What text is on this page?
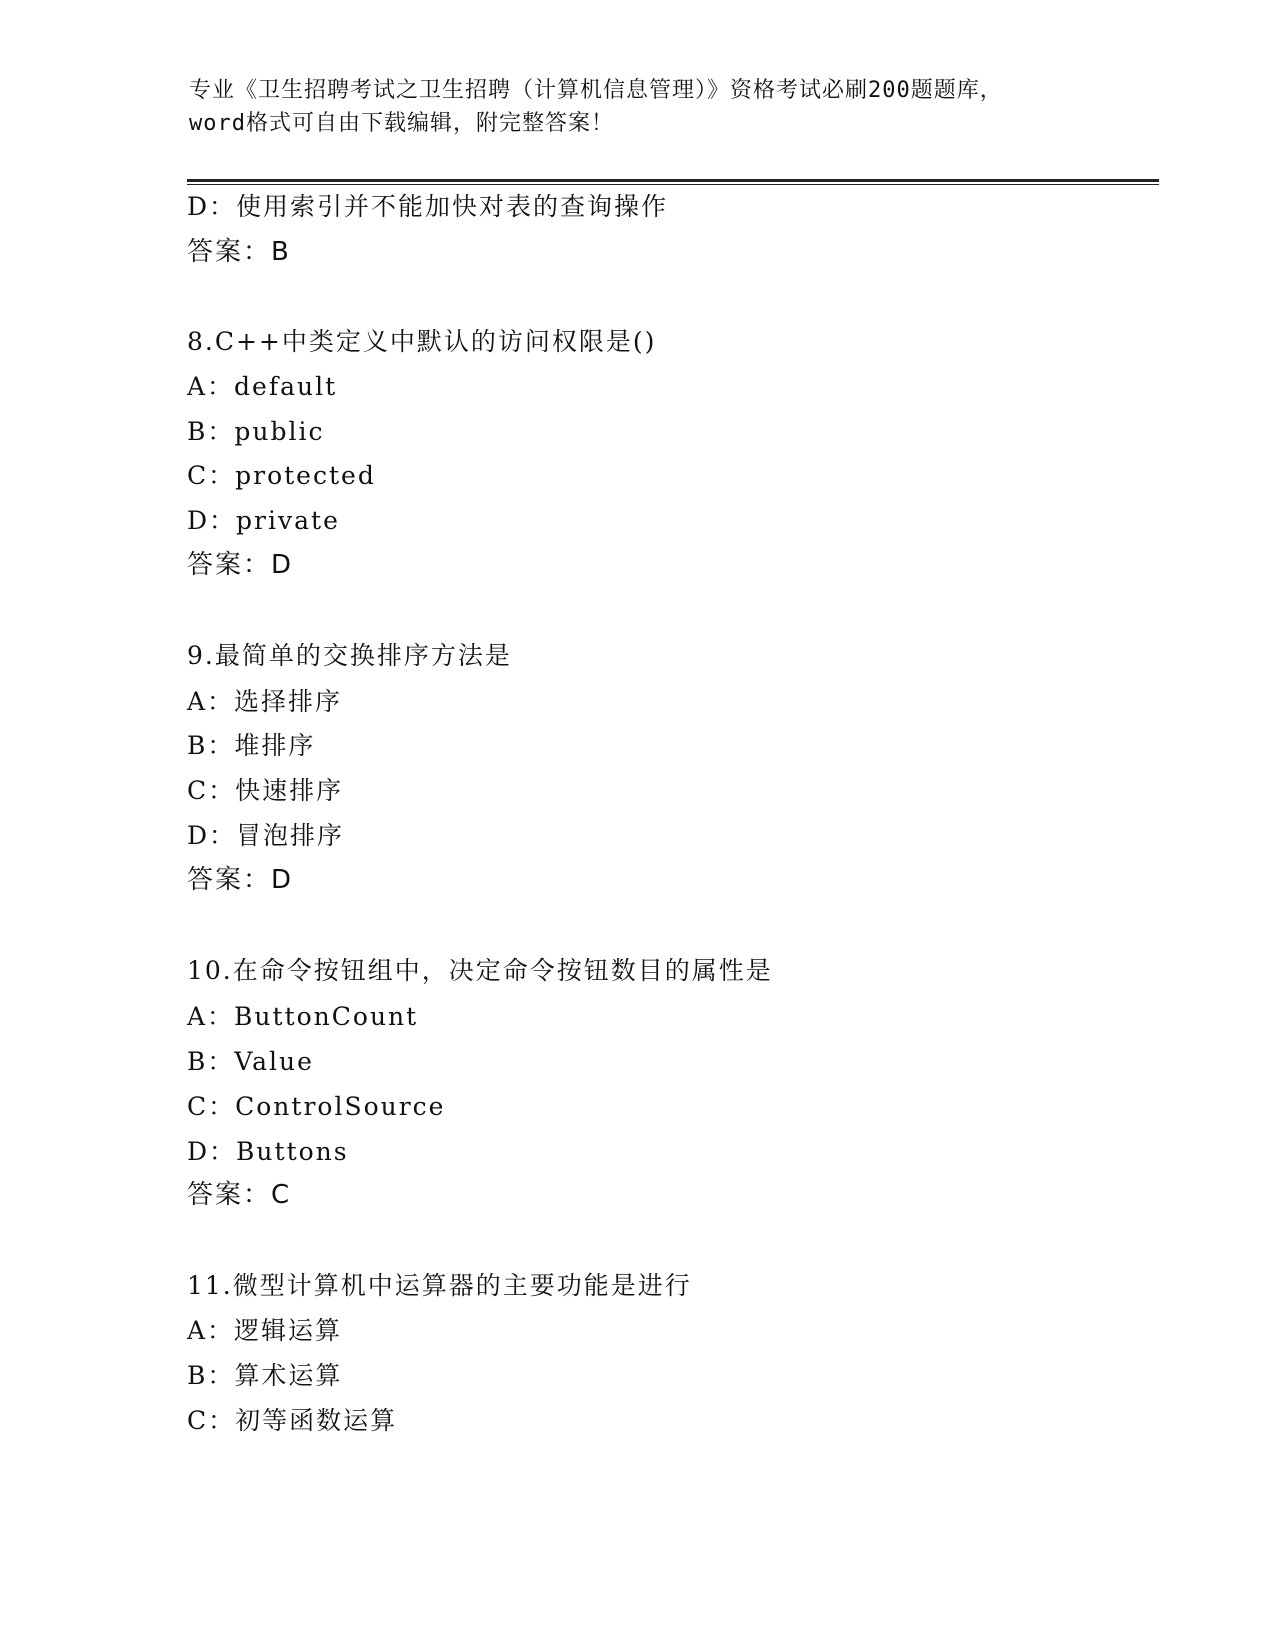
专业《卫生招聘考试之卫生招聘（计算机信息管理）》资格考试必刷200题题库，
word格式可自由下载编辑，附完整答案！
D：使用索引并不能加快对表的查询操作
答案：B
8.C++中类定义中默认的访问权限是()
A：default
B：public
C：protected
D：private
答案：D
9.最简单的交换排序方法是
A：选择排序
B：堆排序
C：快速排序
D：冒泡排序
答案：D
10.在命令按钮组中，决定命令按钮数目的属性是
A：ButtonCount
B：Value
C：ControlSource
D：Buttons
答案：C
11.微型计算机中运算器的主要功能是进行
A：逻辑运算
B：算术运算
C：初等函数运算
